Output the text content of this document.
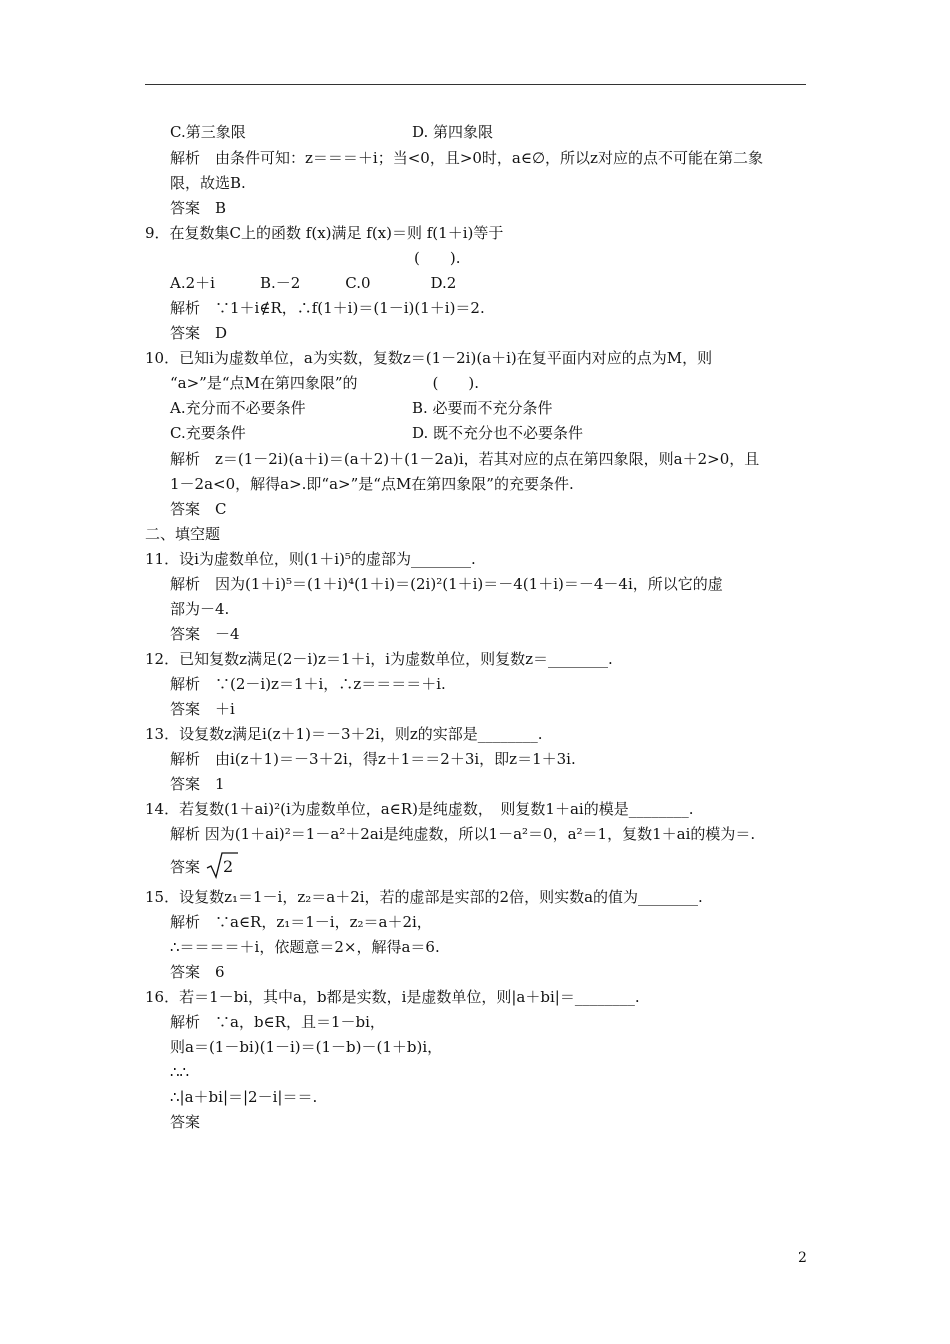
C.第三象限	D. 第四象限
解析　由条件可知：z＝＝＝＋i；当<0，且>0时，a∈∅，所以z对应的点不可能在第二象
限，故选B.
答案　B
9．在复数集C上的函数 f(x)满足 f(x)＝则 f(1＋i)等于
(　　).
A.2＋i　　　B.－2　　　C.0　　　　D.2
解析　∵1＋i∉R，∴f(1＋i)＝(1－i)(1＋i)＝2.
答案　D
10．已知i为虚数单位，a为实数，复数z＝(1－2i)(a＋i)在复平面内对应的点为M，则
“a>”是“点M在第四象限”的　　　　　(　　).
A.充分而不必要条件	B. 必要而不充分条件
C.充要条件	D. 既不充分也不必要条件
解析　z＝(1－2i)(a＋i)＝(a＋2)＋(1－2a)i，若其对应的点在第四象限，则a＋2>0，且
1－2a<0，解得a>.即“a>”是“点M在第四象限”的充要条件.
答案　C
二、填空题
11．设i为虚数单位，则(1＋i)⁵的虚部为________.
解析　因为(1＋i)⁵＝(1＋i)⁴(1＋i)＝(2i)²(1＋i)＝－4(1＋i)＝－4－4i，所以它的虚
部为－4.
答案　－4
12．已知复数z满足(2－i)z＝1＋i，i为虚数单位，则复数z＝________.
解析　∵(2－i)z＝1＋i，∴z＝＝＝＝＋i.
答案　＋i
13．设复数z满足i(z＋1)＝－3＋2i，则z的实部是________.
解析　由i(z＋1)＝－3＋2i，得z＋1＝＝2＋3i，即z＝1＋3i.
答案　1
14．若复数(1＋ai)²(i为虚数单位，a∈R)是纯虚数，　则复数1＋ai的模是________.
解析 因为(1＋ai)²＝1－a²＋2ai是纯虚数，所以1－a²＝0，a²＝1，复数1＋ai的模为＝.
答案 2
15．设复数z₁＝1－i，z₂＝a＋2i，若的虚部是实部的2倍，则实数a的值为________.
解析　∵a∈R，z₁＝1－i，z₂＝a＋2i，
∴＝＝＝＝＋i，依题意＝2×，解得a＝6.
答案　6
16．若＝1－bi，其中a，b都是实数，i是虚数单位，则|a＋bi|＝________.
解析　∵a，b∈R，且＝1－bi，
则a＝(1－bi)(1－i)＝(1－b)－(1＋b)i，
∴∴
∴|a＋bi|＝|2－i|＝＝.
答案
2
